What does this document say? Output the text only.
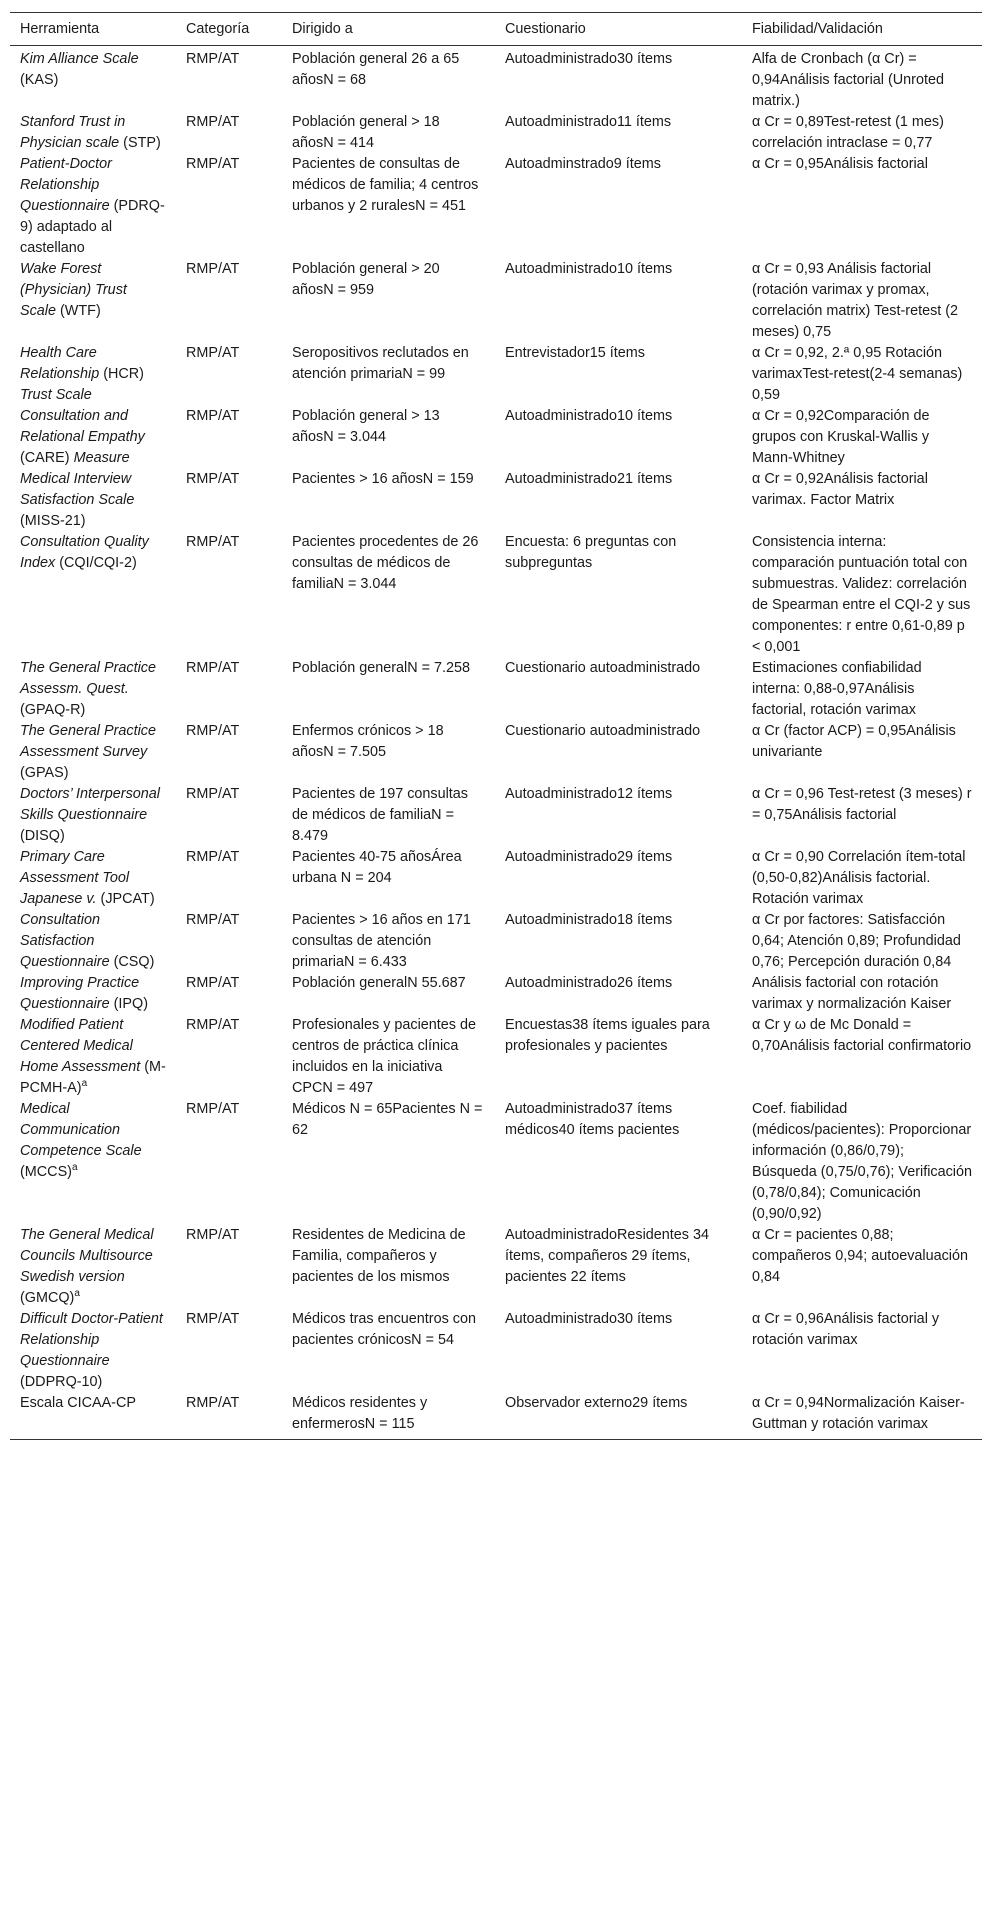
Herramienta	Categoría	Dirigido a	Cuestionario	Fiabilidad/Validación
Kim Alliance Scale (KAS)	RMP/AT	Población general 26 a 65 añosN = 68	Autoadministrado30 ítems	Alfa de Cronbach (α Cr) = 0,94Análisis factorial (Unroted matrix.)
Stanford Trust in Physician scale (STP)	RMP/AT	Población general > 18 añosN = 414	Autoadministrado11 ítems	α Cr = 0,89Test-retest (1 mes) correlación intraclase = 0,77
Patient-Doctor Relationship Questionnaire (PDRQ-9) adaptado al castellano	RMP/AT	Pacientes de consultas de médicos de familia; 4 centros urbanos y 2 ruralesN = 451	Autoadminstrado9 ítems	α Cr = 0,95Análisis factorial
Wake Forest (Physician) Trust Scale (WTF)	RMP/AT	Población general > 20 añosN = 959	Autoadministrado10 ítems	α Cr = 0,93 Análisis factorial (rotación varimax y promax, correlación matrix) Test-retest (2 meses) 0,75
Health Care Relationship (HCR) Trust Scale	RMP/AT	Seropositivos reclutados en atención primariaN = 99	Entrevistador15 ítems	α Cr = 0,92, 2.ª 0,95 Rotación varimaxTest-retest(2-4 semanas) 0,59
Consultation and Relational Empathy (CARE) Measure	RMP/AT	Población general > 13 añosN = 3.044	Autoadministrado10 ítems	α Cr = 0,92Comparación de grupos con Kruskal-Wallis y Mann-Whitney
Medical Interview Satisfaction Scale (MISS-21)	RMP/AT	Pacientes > 16 añosN = 159	Autoadministrado21 ítems	α Cr = 0,92Análisis factorial varimax. Factor Matrix
Consultation Quality Index (CQI/CQI-2)	RMP/AT	Pacientes procedentes de 26 consultas de médicos de familiaN = 3.044	Encuesta: 6 preguntas con subpreguntas	Consistencia interna: comparación puntuación total con submuestras. Validez: correlación de Spearman entre el CQI-2 y sus componentes: r entre 0,61-0,89 p < 0,001
The General Practice Assessm. Quest. (GPAQ-R)	RMP/AT	Población generalN = 7.258	Cuestionario autoadministrado	Estimaciones confiabilidad interna: 0,88-0,97Análisis factorial, rotación varimax
The General Practice Assessment Survey (GPAS)	RMP/AT	Enfermos crónicos > 18 añosN = 7.505	Cuestionario autoadministrado	α Cr (factor ACP) = 0,95Análisis univariante
Doctors’ Interpersonal Skills Questionnaire (DISQ)	RMP/AT	Pacientes de 197 consultas de médicos de familiaN = 8.479	Autoadministrado12 ítems	α Cr = 0,96 Test-retest (3 meses) r = 0,75Análisis factorial
Primary Care Assessment Tool Japanese v. (JPCAT)	RMP/AT	Pacientes 40-75 añosÁrea urbana N = 204	Autoadministrado29 ítems	α Cr = 0,90 Correlación ítem-total (0,50-0,82)Análisis factorial. Rotación varimax
Consultation Satisfaction Questionnaire (CSQ)	RMP/AT	Pacientes > 16 años en 171 consultas de atención primariaN = 6.433	Autoadministrado18 ítems	α Cr por factores: Satisfacción 0,64; Atención 0,89; Profundidad 0,76; Percepción duración 0,84
Improving Practice Questionnaire (IPQ)	RMP/AT	Población generalN 55.687	Autoadministrado26 ítems	Análisis factorial con rotación varimax y normalización Kaiser
Modified Patient Centered Medical Home Assessment (M-PCMH-A)$^a$	RMP/AT	Profesionales y pacientes de centros de práctica clínica incluidos en la iniciativa CPCN = 497	Encuestas38 ítems iguales para profesionales y pacientes	α Cr y ω de Mc Donald = 0,70Análisis factorial confirmatorio
Medical Communication Competence Scale (MCCS)$^a$	RMP/AT	Médicos N = 65Pacientes N = 62	Autoadministrado37 ítems médicos40 ítems pacientes	Coef. fiabilidad (médicos/pacientes): Proporcionar información (0,86/0,79); Búsqueda (0,75/0,76); Verificación (0,78/0,84); Comunicación (0,90/0,92)
The General Medical Councils Multisource Swedish version (GMCQ)$^a$	RMP/AT	Residentes de Medicina de Familia, compañeros y pacientes de los mismos	AutoadministradoResidentes 34 ítems, compañeros 29 ítems, pacientes 22 ítems	α Cr = pacientes 0,88; compañeros 0,94; autoevaluación 0,84
Difficult Doctor-Patient Relationship Questionnaire (DDPRQ-10)	RMP/AT	Médicos tras encuentros con pacientes crónicosN = 54	Autoadministrado30 ítems	α Cr = 0,96Análisis factorial y rotación varimax
Escala CICAA-CP	RMP/AT	Médicos residentes y enfermerosN = 115	Observador externo29 ítems	α Cr = 0,94Normalización Kaiser-Guttman y rotación varimax
